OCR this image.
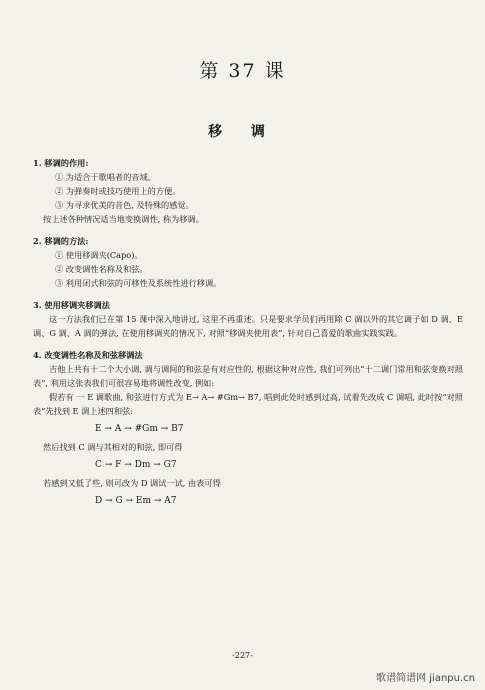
第 37 课
移 调
1. 移调的作用:
① 为适合于歌唱者的音域。
② 为弹奏时或技巧使用上的方便。
③ 为寻求优美的音色, 及特殊的感觉。
按上述各种情况适当地变换调性, 称为移调。
2. 移调的方法:
① 使用移调夹(Capo)。
② 改变调性名称及和弦。
③ 利用闭式和弦的可移性及系统性进行移调。
3. 使用移调夹移调法
这一方法我们已在第 15 课中深入地讲过, 这里不再重述。只是要求学员们再用除 C 调以外的其它调子如 D 调、E 调、G 调、A 调的弹法, 在使用移调夹的情况下, 对照“移调夹使用表”, 针对自己喜爱的歌曲实践实践。
4. 改变调性名称及和弦移调法
吉他上共有十二个大小调, 调与调间的和弦是有对应性的, 根据这种对应性, 我们可列出“十二调门常用和弦变换对照表”, 利用这张表我们可很容易地将调性改变, 例如:
假若有 一 E 调歌曲, 和弦进行方式为 E→ A→ #Gm→ B7, 唱到此处时感到过高, 试着先改成 C 调唱, 此时按“对照表”先找到 E 调上述四和弦:
E → A → #Gm → B7
然后找到 C 调与其相对的和弦, 即可得
C → F → Dm → G7
若感到又低了些, 则可改为 D 调试一试, 由表可得
D → G → Em → A7
-227-
歌谱简谱网 jianpu.cn
